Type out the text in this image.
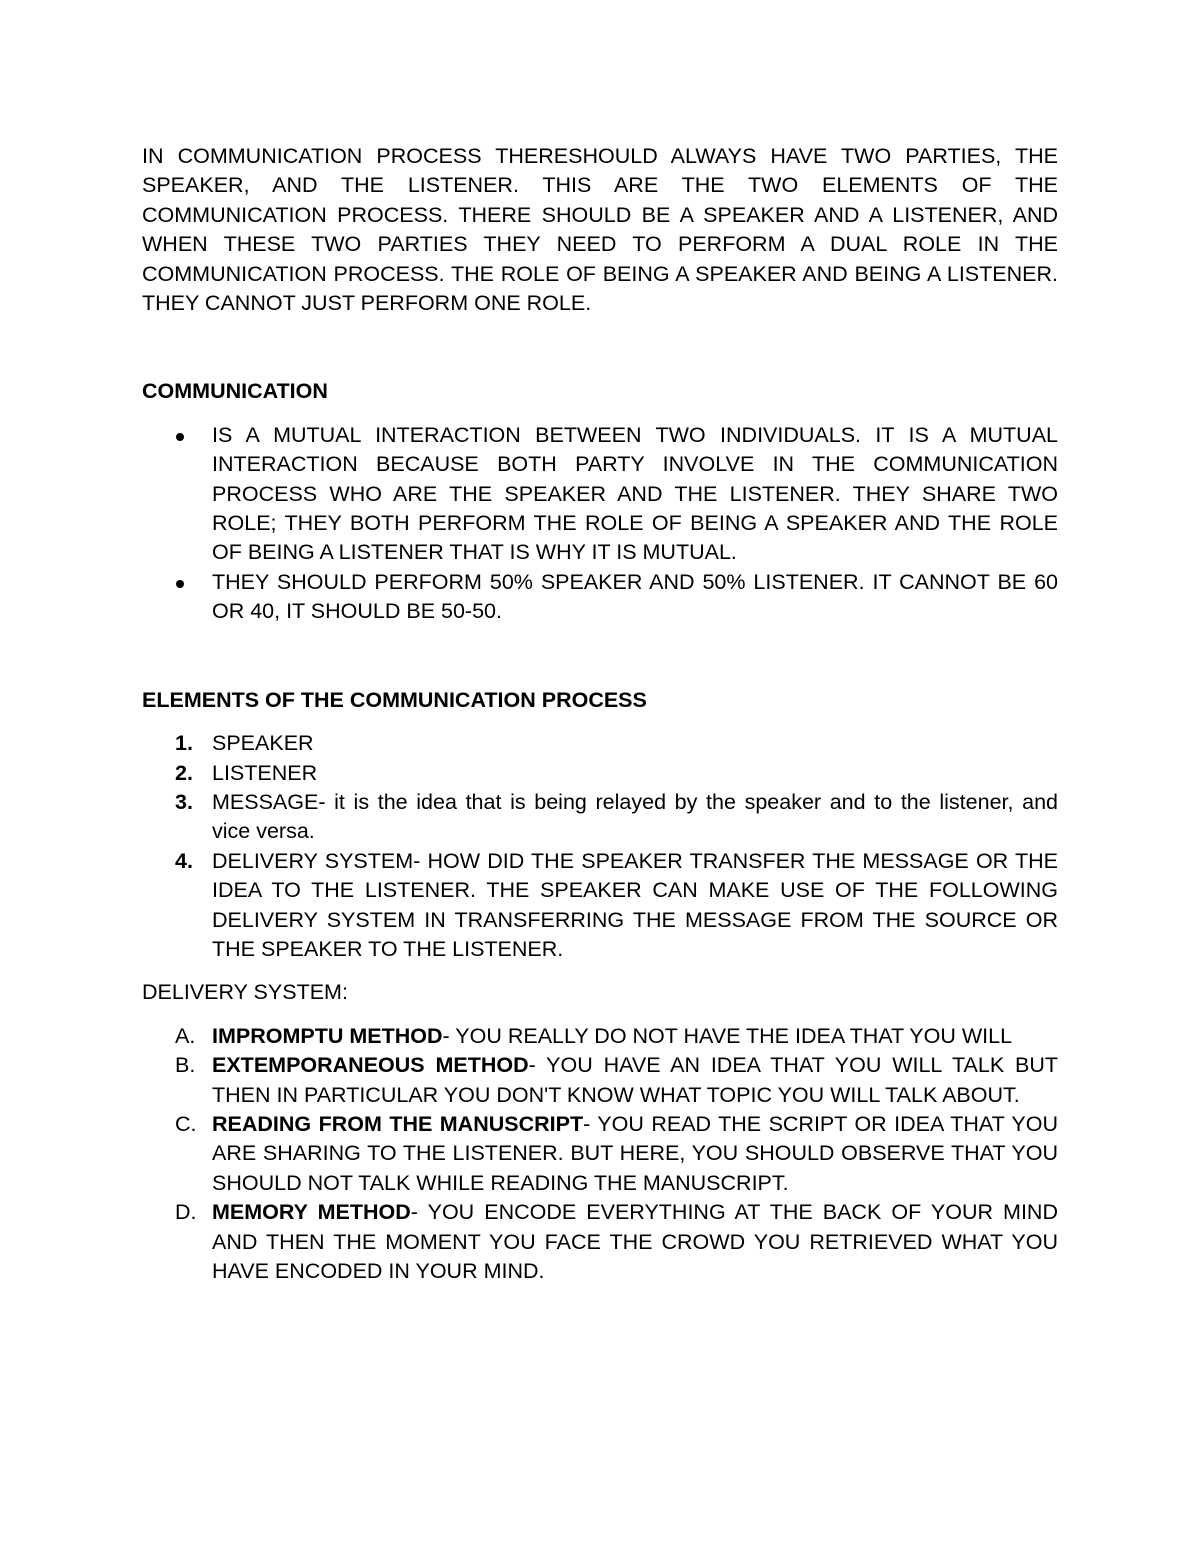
IN COMMUNICATION PROCESS THERESHOULD ALWAYS HAVE TWO PARTIES, THE SPEAKER, AND THE LISTENER. THIS ARE THE TWO ELEMENTS OF THE COMMUNICATION PROCESS. THERE SHOULD BE A SPEAKER AND A LISTENER, AND WHEN THESE TWO PARTIES THEY NEED TO PERFORM A DUAL ROLE IN THE COMMUNICATION PROCESS. THE ROLE OF BEING A SPEAKER AND BEING A LISTENER. THEY CANNOT JUST PERFORM ONE ROLE.

COMMUNICATION

IS A MUTUAL INTERACTION BETWEEN TWO INDIVIDUALS. IT IS A MUTUAL INTERACTION BECAUSE BOTH PARTY INVOLVE IN THE COMMUNICATION PROCESS WHO ARE THE SPEAKER AND THE LISTENER. THEY SHARE TWO ROLE; THEY BOTH PERFORM THE ROLE OF BEING A SPEAKER AND THE ROLE OF BEING A LISTENER THAT IS WHY IT IS MUTUAL.
THEY SHOULD PERFORM 50% SPEAKER AND 50% LISTENER. IT CANNOT BE 60 OR 40, IT SHOULD BE 50-50.

ELEMENTS OF THE COMMUNICATION PROCESS

1. SPEAKER
2. LISTENER
3. MESSAGE- it is the idea that is being relayed by the speaker and to the listener, and vice versa.
4. DELIVERY SYSTEM- HOW DID THE SPEAKER TRANSFER THE MESSAGE OR THE IDEA TO THE LISTENER. THE SPEAKER CAN MAKE USE OF THE FOLLOWING DELIVERY SYSTEM IN TRANSFERRING THE MESSAGE FROM THE SOURCE OR THE SPEAKER TO THE LISTENER.

DELIVERY SYSTEM:

A. IMPROMPTU METHOD- YOU REALLY DO NOT HAVE THE IDEA THAT YOU WILL
B. EXTEMPORANEOUS METHOD- YOU HAVE AN IDEA THAT YOU WILL TALK BUT THEN IN PARTICULAR YOU DON'T KNOW WHAT TOPIC YOU WILL TALK ABOUT.
C. READING FROM THE MANUSCRIPT- YOU READ THE SCRIPT OR IDEA THAT YOU ARE SHARING TO THE LISTENER. BUT HERE, YOU SHOULD OBSERVE THAT YOU SHOULD NOT TALK WHILE READING THE MANUSCRIPT.
D. MEMORY METHOD- YOU ENCODE EVERYTHING AT THE BACK OF YOUR MIND AND THEN THE MOMENT YOU FACE THE CROWD YOU RETRIEVED WHAT YOU HAVE ENCODED IN YOUR MIND.
